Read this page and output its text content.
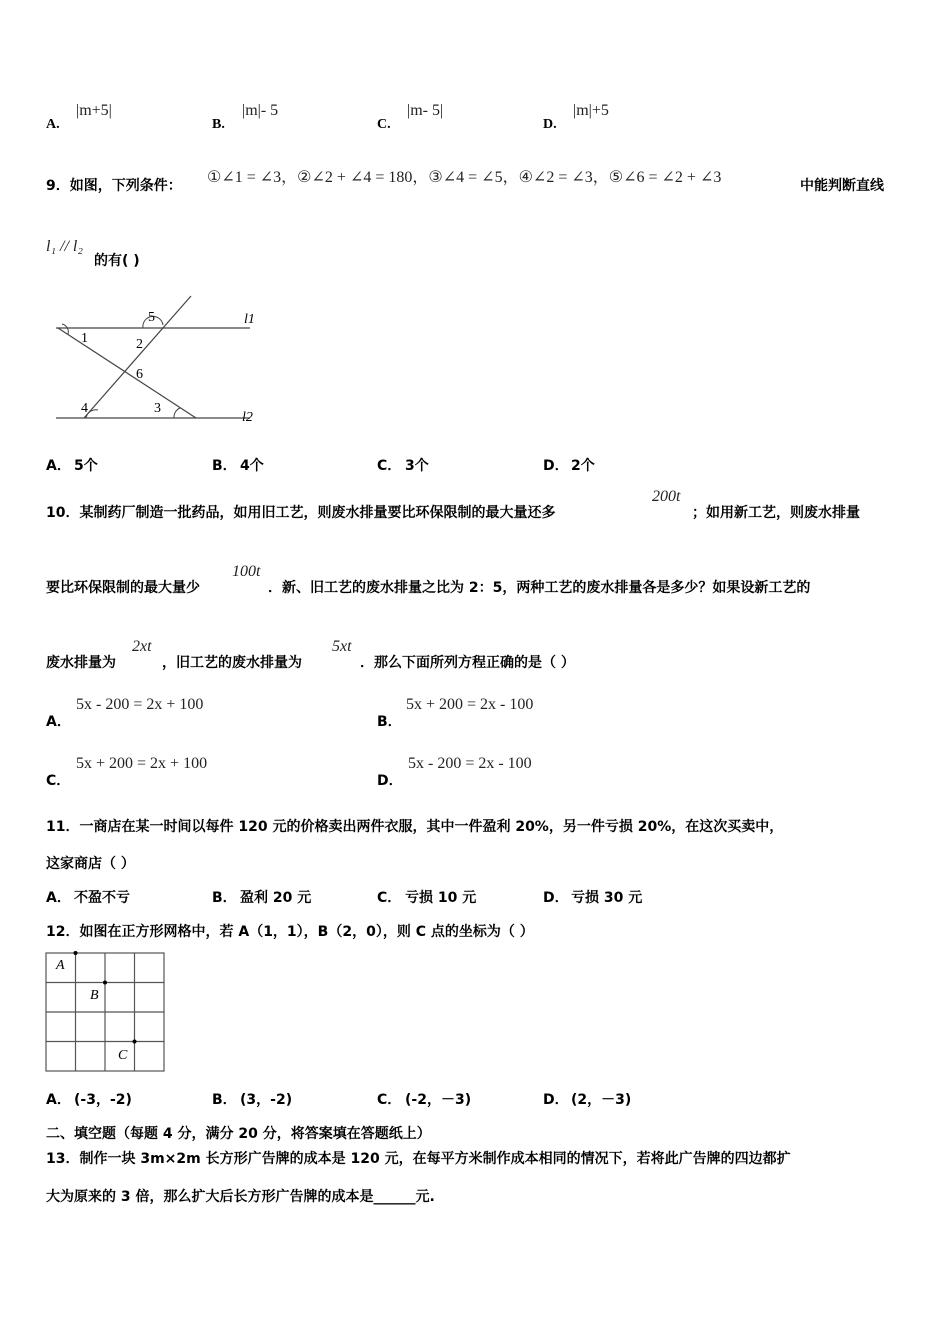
A.
|m+5|
B.
|m|- 5
C.
|m- 5|
D.
|m|+5
9．如图，下列条件： ①∠1 = ∠3，②∠2 + ∠4 = 180，③∠4 = ∠5，④∠2 = ∠3，⑤∠6 = ∠2 + ∠3	中能判断直线
l₁ // l₂
的有( )
5
1	2
6
4	3
l1
l2
A． 5个	B． 4个	C． 3个	D． 2个
10．某制药厂制造一批药品，如用旧工艺，则废水排量要比环保限制的最大量还多
200t
；如用新工艺，则废水排量
要比环保限制的最大量少
100t
．新、旧工艺的废水排量之比为 2：5，两种工艺的废水排量各是多少？如果设新工艺的
废水排量为
2xt
，旧工艺的废水排量为
5xt
．那么下面所列方程正确的是（ ）
A．
5x - 200 = 2x + 100
B．
5x + 200 = 2x - 100
C．
5x + 200 = 2x + 100
D．
5x - 200 = 2x - 100
11．一商店在某一时间以每件 120 元的价格卖出两件衣服，其中一件盈利 20%，另一件亏损 20%，在这次买卖中，
这家商店（ ）
A． 不盈不亏	B． 盈利 20 元	C． 亏损 10 元	D． 亏损 30 元
12．如图在正方形网格中，若 A（1，1），B（2，0），则 C 点的坐标为（ ）
A
B
C
A． (-3，-2)	B． (3，-2)	C． (-2，－3)	D． (2，－3)
二、填空题（每题 4 分，满分 20 分，将答案填在答题纸上）
13．制作一块 3m×2m 长方形广告牌的成本是 120 元，在每平方米制作成本相同的情况下，若将此广告牌的四边都扩
大为原来的 3 倍，那么扩大后长方形广告牌的成本是______元.
